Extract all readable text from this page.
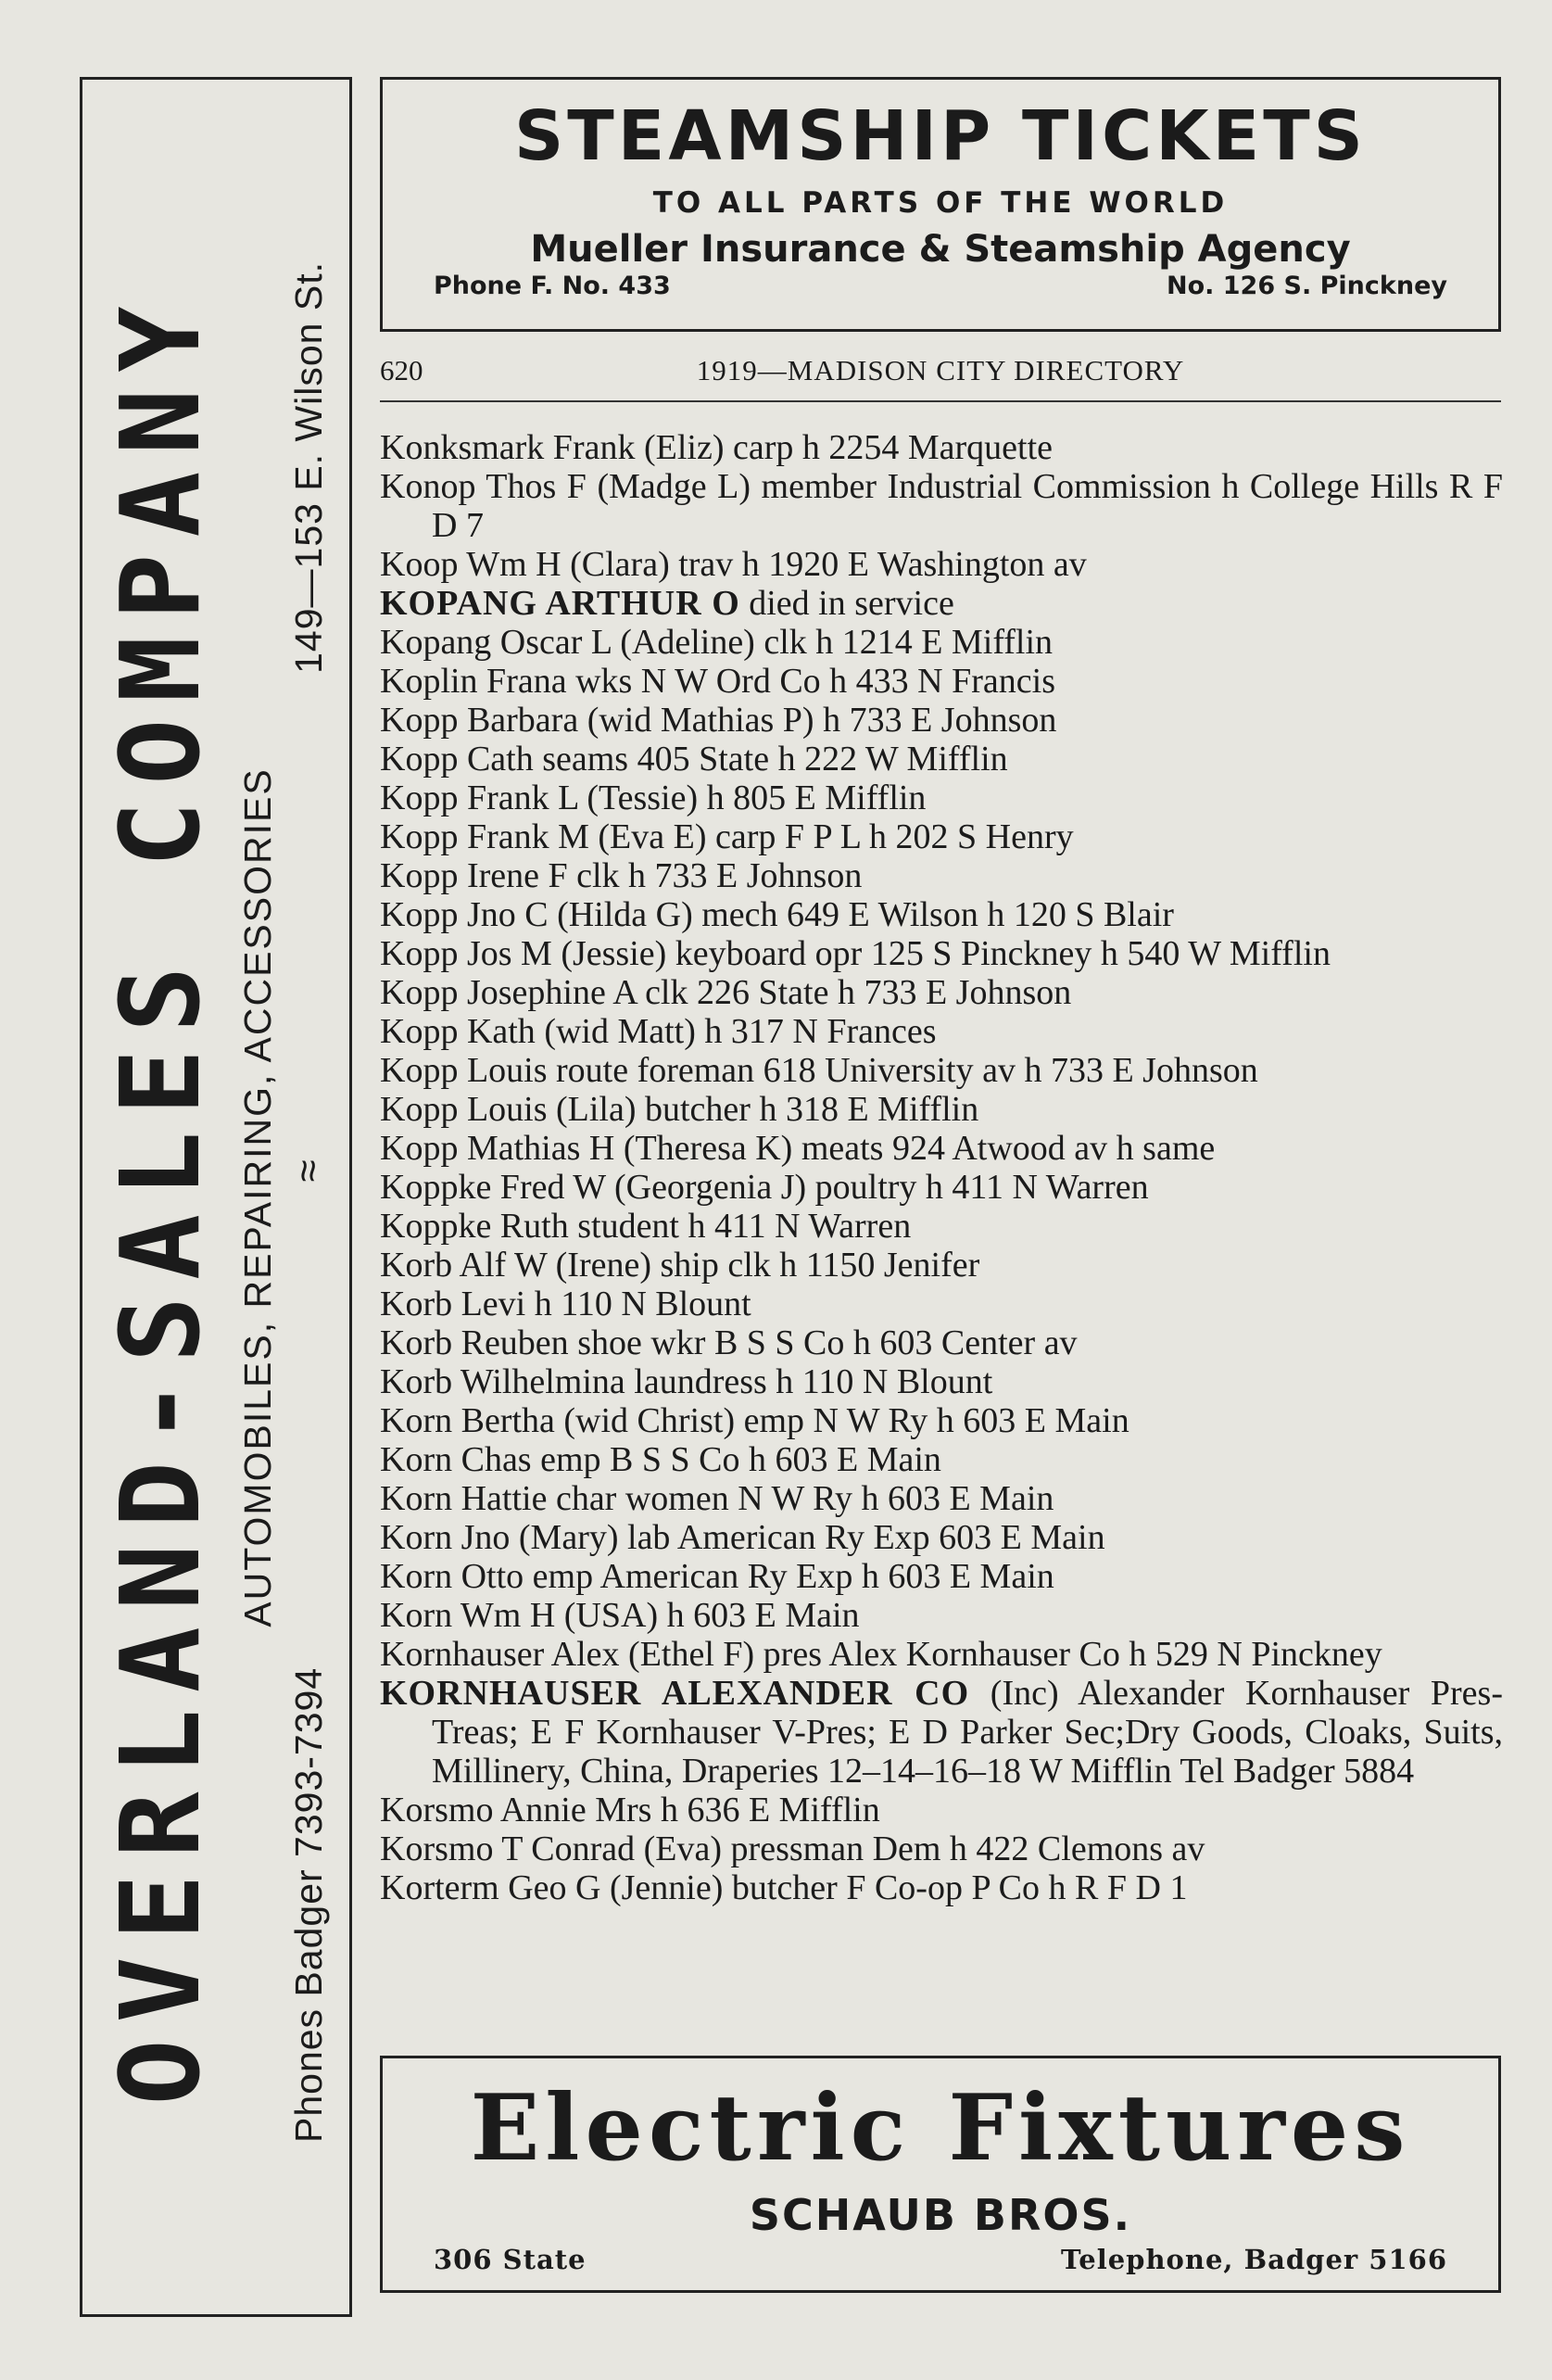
OVERLAND-SALES COMPANY AUTOMOBILES, REPAIRING, ACCESSORIES
Phones Badger 7393-7394
≈
149—153 E. Wilson St.
STEAMSHIP TICKETS
TO ALL PARTS OF THE WORLD
Mueller Insurance & Steamship Agency
Phone F. No. 433	No. 126 S. Pinckney
620	1919—MADISON CITY DIRECTORY

Konksmark Frank (Eliz) carp h 2254 Marquette

Konop Thos F (Madge L) member Industrial Commission h College Hills R F D 7

Koop Wm H (Clara) trav h 1920 E Washington av

KOPANG ARTHUR O died in service

Kopang Oscar L (Adeline) clk h 1214 E Mifflin

Koplin Frana wks N W Ord Co h 433 N Francis

Kopp Barbara (wid Mathias P) h 733 E Johnson

Kopp Cath seams 405 State h 222 W Mifflin

Kopp Frank L (Tessie) h 805 E Mifflin

Kopp Frank M (Eva E) carp F P L h 202 S Henry

Kopp Irene F clk h 733 E Johnson

Kopp Jno C (Hilda G) mech 649 E Wilson h 120 S Blair

Kopp Jos M (Jessie) keyboard opr 125 S Pinckney h 540 W Mifflin

Kopp Josephine A clk 226 State h 733 E Johnson

Kopp Kath (wid Matt) h 317 N Frances

Kopp Louis route foreman 618 University av h 733 E Johnson

Kopp Louis (Lila) butcher h 318 E Mifflin

Kopp Mathias H (Theresa K) meats 924 Atwood av h same

Koppke Fred W (Georgenia J) poultry h 411 N Warren

Koppke Ruth student h 411 N Warren

Korb Alf W (Irene) ship clk h 1150 Jenifer

Korb Levi h 110 N Blount

Korb Reuben shoe wkr B S S Co h 603 Center av

Korb Wilhelmina laundress h 110 N Blount

Korn Bertha (wid Christ) emp N W Ry h 603 E Main

Korn Chas emp B S S Co h 603 E Main

Korn Hattie char women N W Ry h 603 E Main

Korn Jno (Mary) lab American Ry Exp 603 E Main

Korn Otto emp American Ry Exp h 603 E Main

Korn Wm H (USA) h 603 E Main

Kornhauser Alex (Ethel F) pres Alex Kornhauser Co h 529 N Pinckney

KORNHAUSER ALEXANDER CO (Inc) Alexander Kornhauser Pres-Treas; E F Kornhauser V-Pres; E D Parker Sec;Dry Goods, Cloaks, Suits, Millinery, China, Draperies 12–14–16–18 W Mifflin Tel Badger 5884

Korsmo Annie Mrs h 636 E Mifflin

Korsmo T Conrad (Eva) pressman Dem h 422 Clemons av

Korterm Geo G (Jennie) butcher F Co-op P Co h R F D 1

Electric Fixtures
SCHAUB BROS.
306 State	Telephone, Badger 5166
